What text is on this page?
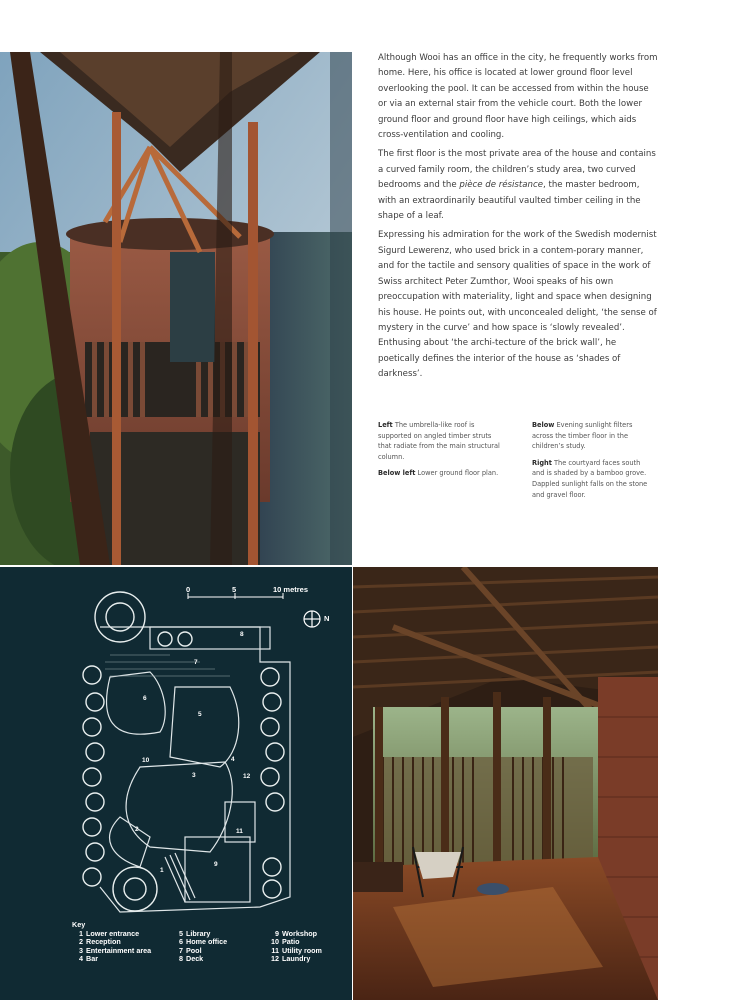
Although Wooi has an office in the city, he frequently works from home. Here, his office is located at lower ground floor level overlooking the pool. It can be accessed from within the house or via an external stair from the vehicle court. Both the lower ground floor and ground floor have high ceilings, which aids cross-ventilation and cooling.

The first floor is the most private area of the house and contains a curved family room, the children’s study area, two curved bedrooms and the pièce de résistance, the master bedroom, with an extraordinarily beautiful vaulted timber ceiling in the shape of a leaf.

Expressing his admiration for the work of the Swedish modernist Sigurd Lewerenz, who used brick in a contem-porary manner, and for the tactile and sensory qualities of space in the work of Swiss architect Peter Zumthor, Wooi speaks of his own preoccupation with materiality, light and space when designing his house. He points out, with unconcealed delight, ‘the sense of mystery in the curve’ and how space is ‘slowly revealed’. Enthusing about ‘the archi-tecture of the brick wall’, he poetically defines the interior of the house as ‘shades of darkness’.

Left The umbrella-like roof is supported on angled timber struts that radiate from the main structural column.

Below left Lower ground floor plan.

Below Evening sunlight filters across the timber floor in the children’s study.

Right The courtyard faces south and is shaded by a bamboo grove. Dappled sunlight falls on the stone and gravel floor.

0	5	10 metres
N
1
2
3
4
5
6
7
8
9
10
11
12
Key
1 Lower entrance
2 Reception
3 Entertainment area
4 Bar
5 Library
6 Home office
7 Pool
8 Deck
9 Workshop
10 Patio
11 Utility room
12 Laundry
